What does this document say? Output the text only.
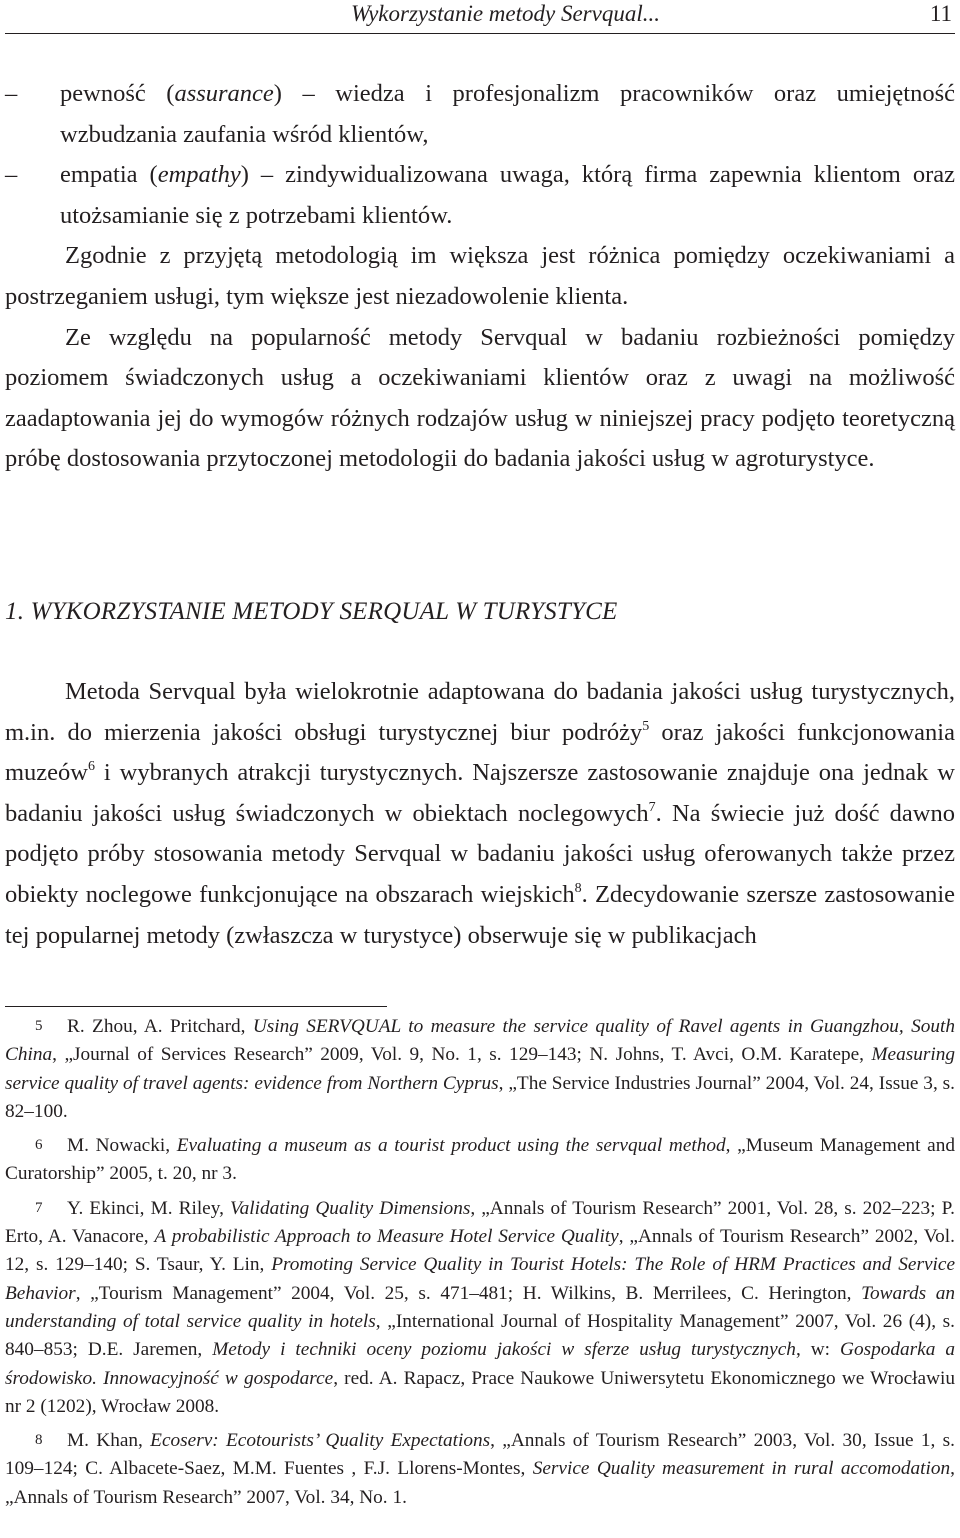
Wykorzystanie metody Servqual...	11
– pewność (assurance) – wiedza i profesjonalizm pracowników oraz umiejętność wzbudzania zaufania wśród klientów,
– empatia (empathy) – zindywidualizowana uwaga, którą firma zapewnia klientom oraz utożsamianie się z potrzebami klientów.
Zgodnie z przyjętą metodologią im większa jest różnica pomiędzy oczekiwaniami a postrzeganiem usługi, tym większe jest niezadowolenie klienta.
Ze względu na popularność metody Servqual w badaniu rozbieżności pomiędzy poziomem świadczonych usług a oczekiwaniami klientów oraz z uwagi na możliwość zaadaptowania jej do wymogów różnych rodzajów usług w niniejszej pracy podjęto teoretyczną próbę dostosowania przytoczonej metodologii do badania jakości usług w agroturystyce.
1. WYKORZYSTANIE METODY SERQUAL W TURYSTYCE
Metoda Servqual była wielokrotnie adaptowana do badania jakości usług turystycznych, m.in. do mierzenia jakości obsługi turystycznej biur podróży$^5$ oraz jakości funkcjonowania muzeów$^6$ i wybranych atrakcji turystycznych. Najszersze zastosowanie znajduje ona jednak w badaniu jakości usług świadczonych w obiektach noclegowych$^7$. Na świecie już dość dawno podjęto próby stosowania metody Servqual w badaniu jakości usług oferowanych także przez obiekty noclegowe funkcjonujące na obszarach wiejskich$^8$. Zdecydowanie szersze zastosowanie tej popularnej metody (zwłaszcza w turystyce) obserwuje się w publikacjach
5 R. Zhou, A. Pritchard, Using SERVQUAL to measure the service quality of Ravel agents in Guangzhou, South China, „Journal of Services Research” 2009, Vol. 9, No. 1, s. 129–143; N. Johns, T. Avci, O.M. Karatepe, Measuring service quality of travel agents: evidence from Northern Cyprus, „The Service Industries Journal” 2004, Vol. 24, Issue 3, s. 82–100.
6 M. Nowacki, Evaluating a museum as a tourist product using the servqual method, „Museum Management and Curatorship” 2005, t. 20, nr 3.
7 Y. Ekinci, M. Riley, Validating Quality Dimensions, „Annals of Tourism Research” 2001, Vol. 28, s. 202–223; P. Erto, A. Vanacore, A probabilistic Approach to Measure Hotel Service Quality, „Annals of Tourism Research” 2002, Vol. 12, s. 129–140; S. Tsaur, Y. Lin, Promoting Service Quality in Tourist Hotels: The Role of HRM Practices and Service Behavior, „Tourism Management” 2004, Vol. 25, s. 471–481; H. Wilkins, B. Merrilees, C. Herington, Towards an understanding of total service quality in hotels, „International Journal of Hospitality Management” 2007, Vol. 26 (4), s. 840–853; D.E. Jaremen, Metody i techniki oceny poziomu jakości w sferze usług turystycznych, w: Gospodarka a środowisko. Innowacyjność w gospodarce, red. A. Rapacz, Prace Naukowe Uniwersytetu Ekonomicznego we Wrocławiu nr 2 (1202), Wrocław 2008.
8 M. Khan, Ecoserv: Ecotourists’ Quality Expectations, „Annals of Tourism Research” 2003, Vol. 30, Issue 1, s. 109–124; C. Albacete-Saez, M.M. Fuentes , F.J. Llorens-Montes, Service Quality measurement in rural accomodation, „Annals of Tourism Research” 2007, Vol. 34, No. 1.
